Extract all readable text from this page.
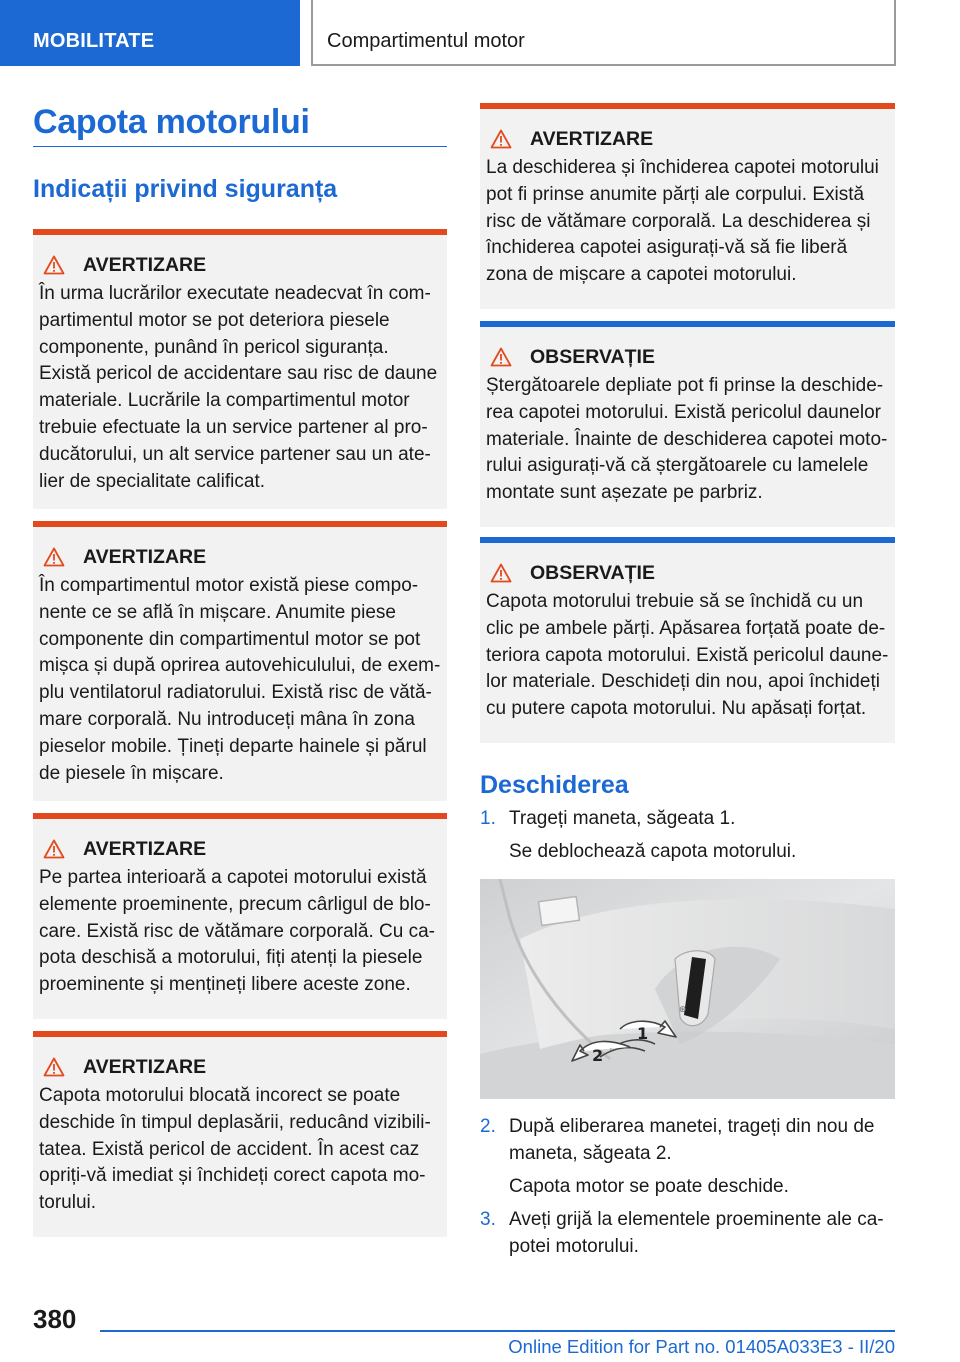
MOBILITATE	Compartimentul motor
Capota motorului
Indicații privind siguranța
AVERTIZARE
În urma lucrărilor executate neadecvat în com-partimentul motor se pot deteriora piesele componente, punând în pericol siguranța. Există pericol de accidentare sau risc de daune materiale. Lucrările la compartimentul motor trebuie efectuate la un service partener al pro-ducătorului, un alt service partener sau un ate-lier de specialitate calificat.
AVERTIZARE
În compartimentul motor există piese compo-nente ce se află în mișcare. Anumite piese componente din compartimentul motor se pot mișca și după oprirea autovehiculului, de exem-plu ventilatorul radiatorului. Există risc de vătă-mare corporală. Nu introduceți mâna în zona pieselor mobile. Țineți departe hainele și părul de piesele în mișcare.
AVERTIZARE
Pe partea interioară a capotei motorului există elemente proeminente, precum cârligul de blo-care. Există risc de vătămare corporală. Cu ca-pota deschisă a motorului, fiți atenți la piesele proeminente și mențineți libere aceste zone.
AVERTIZARE
Capota motorului blocată incorect se poate deschide în timpul deplasării, reducând vizibili-tatea. Există pericol de accident. În acest caz opriți-vă imediat și închideți corect capota mo-torului.
AVERTIZARE
La deschiderea și închiderea capotei motorului pot fi prinse anumite părți ale corpului. Există risc de vătămare corporală. La deschiderea și închiderea capotei asigurați-vă să fie liberă zona de mișcare a capotei motorului.
OBSERVAȚIE
Ștergătoarele depliate pot fi prinse la deschide-rea capotei motorului. Există pericolul daunelor materiale. Înainte de deschiderea capotei moto-rului asigurați-vă că ștergătoarele cu lamelele montate sunt așezate pe parbriz.
OBSERVAȚIE
Capota motorului trebuie să se închidă cu un clic pe ambele părți. Apăsarea forțată poate de-teriora capota motorului. Există pericolul daune-lor materiale. Deschideți din nou, apoi închideți cu putere capota motorului. Nu apăsați forțat.
Deschiderea
1. Trageți maneta, săgeata 1.
Se deblochează capota motorului.
⊛
1
2
2. După eliberarea manetei, trageți din nou de maneta, săgeata 2.
Capota motor se poate deschide.
3. Aveți grijă la elementele proeminente ale ca-potei motorului.
380
Online Edition for Part no. 01405A033E3 - II/20
